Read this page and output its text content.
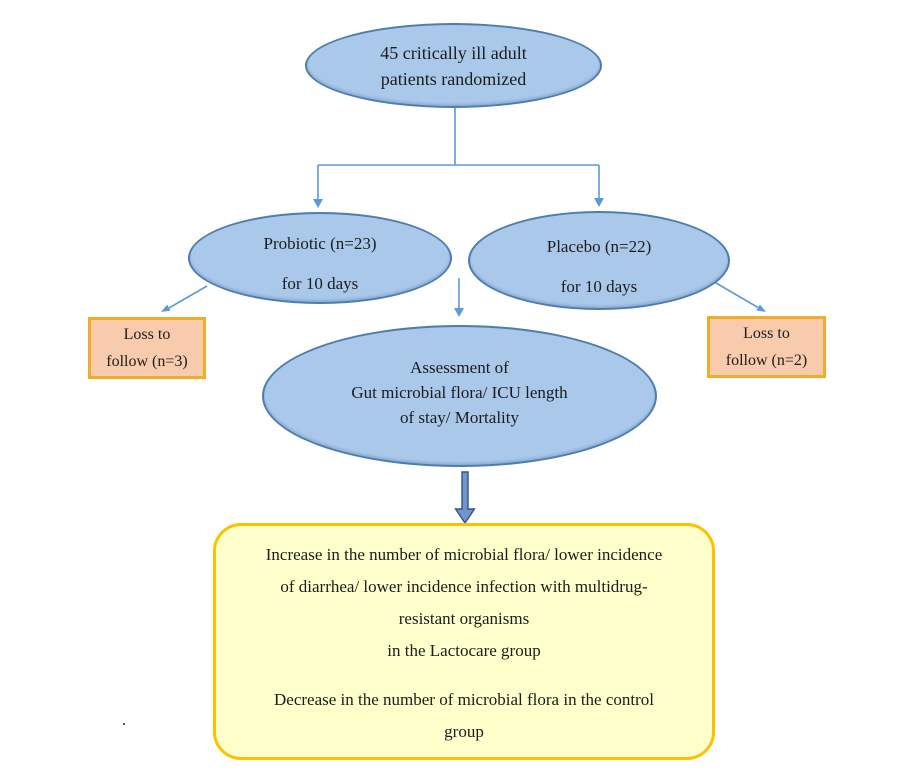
45 critically ill adult
patients randomized
Probiotic (n=23)
for 10 days
Placebo (n=22)
for 10 days
Loss to
follow (n=3)
Loss to
follow (n=2)
Assessment of
Gut microbial flora/ ICU length
of stay/ Mortality
Increase in the number of microbial flora/ lower incidence
of diarrhea/ lower incidence infection with multidrug-
resistant organisms
in the Lactocare group
Decrease in the number of microbial flora in the control
group
.
